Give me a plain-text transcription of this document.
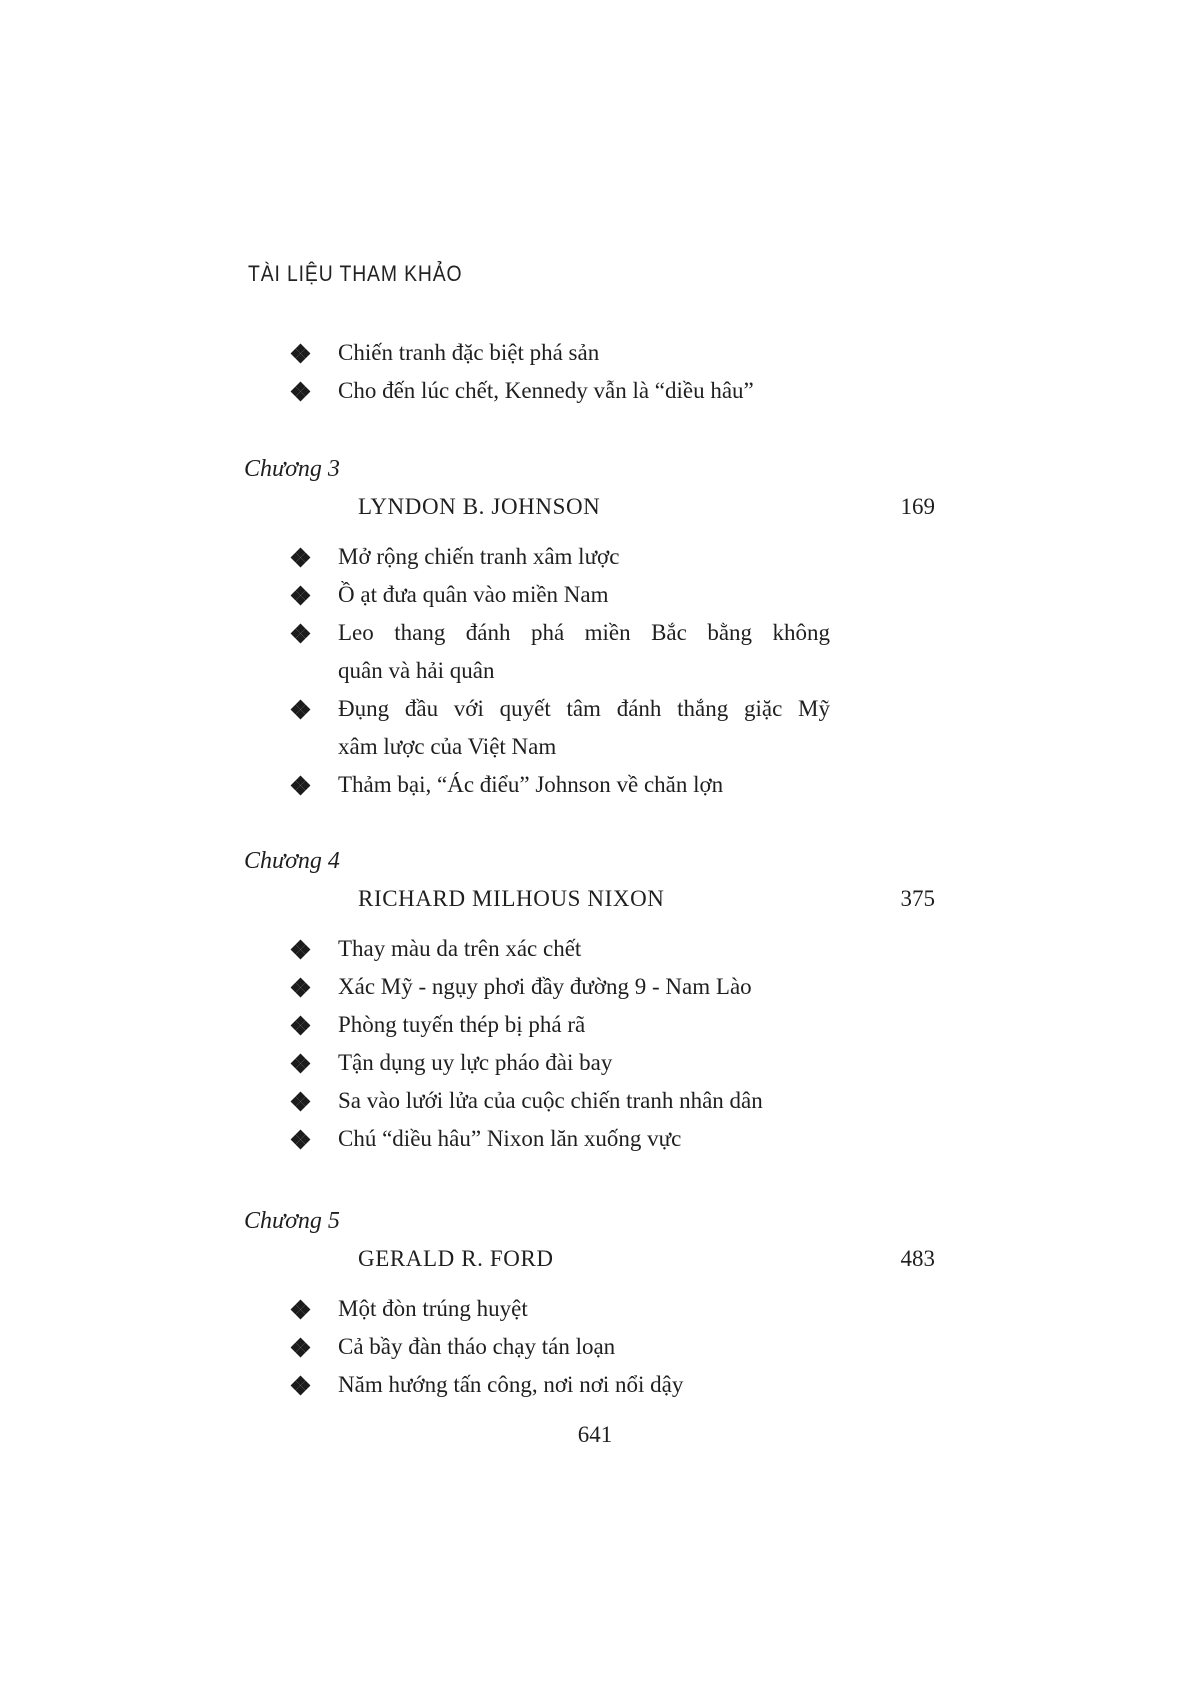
TÀI LIỆU THAM KHẢO
Chiến tranh đặc biệt phá sản
Cho đến lúc chết, Kennedy vẫn là “diều hâu”
Chương 3
LYNDON B. JOHNSON	169
Mở rộng chiến tranh xâm lược
Ồ ạt đưa quân vào miền Nam
Leo thang đánh phá miền Bắc bằng không
quân và hải quân
Đụng đầu với quyết tâm đánh thắng giặc Mỹ
xâm lược của Việt Nam
Thảm bại, “Ác điểu” Johnson về chăn lợn
Chương 4
RICHARD MILHOUS NIXON	375
Thay màu da trên xác chết
Xác Mỹ - ngụy phơi đầy đường 9 - Nam Lào
Phòng tuyến thép bị phá rã
Tận dụng uy lực pháo đài bay
Sa vào lưới lửa của cuộc chiến tranh nhân dân
Chú “diều hâu” Nixon lăn xuống vực
Chương 5
GERALD R. FORD	483
Một đòn trúng huyệt
Cả bầy đàn tháo chạy tán loạn
Năm hướng tấn công, nơi nơi nổi dậy
641
